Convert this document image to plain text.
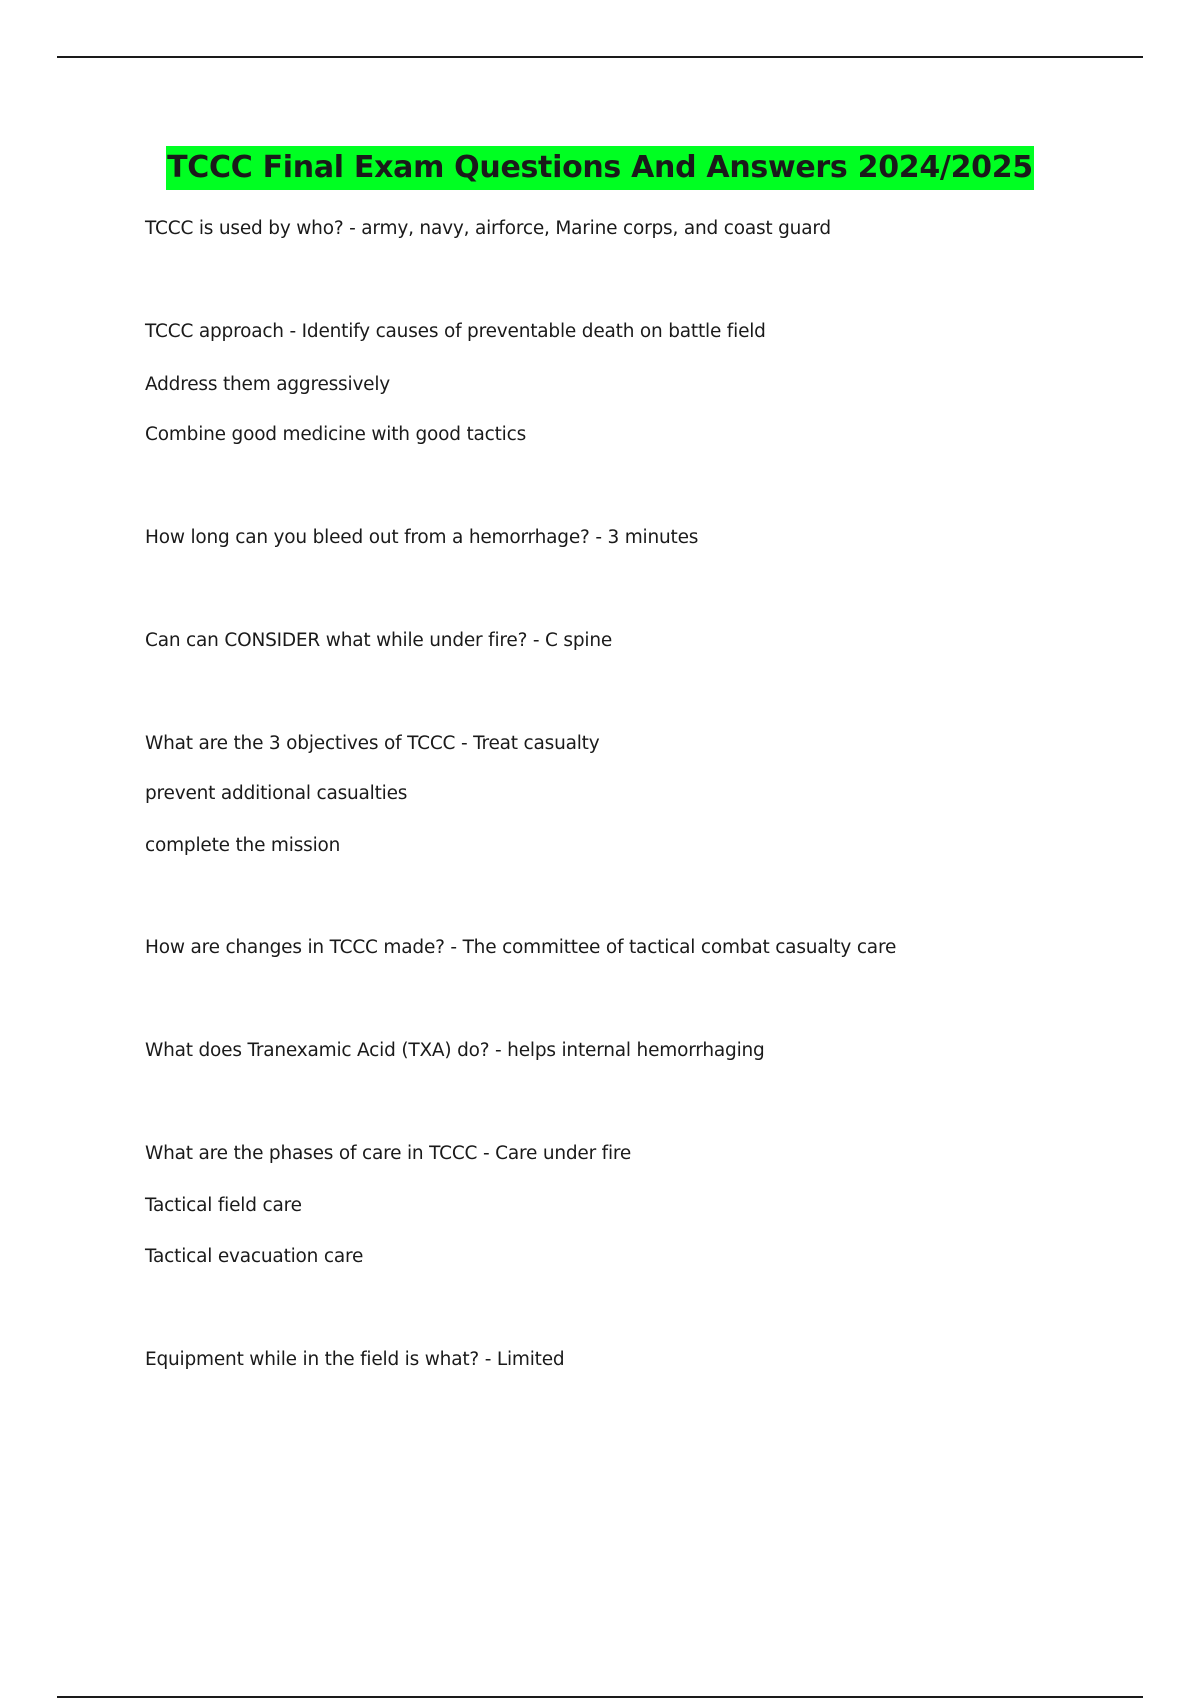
TCCC Final Exam Questions And Answers 2024/2025
TCCC is used by who? - army, navy, airforce, Marine corps, and coast guard
TCCC approach - Identify causes of preventable death on battle field
Address them aggressively
Combine good medicine with good tactics
How long can you bleed out from a hemorrhage? - 3 minutes
Can can CONSIDER what while under fire? - C spine
What are the 3 objectives of TCCC - Treat casualty
prevent additional casualties
complete the mission
How are changes in TCCC made? - The committee of tactical combat casualty care
What does Tranexamic Acid (TXA) do? - helps internal hemorrhaging
What are the phases of care in TCCC - Care under fire
Tactical field care
Tactical evacuation care
Equipment while in the field is what? - Limited
